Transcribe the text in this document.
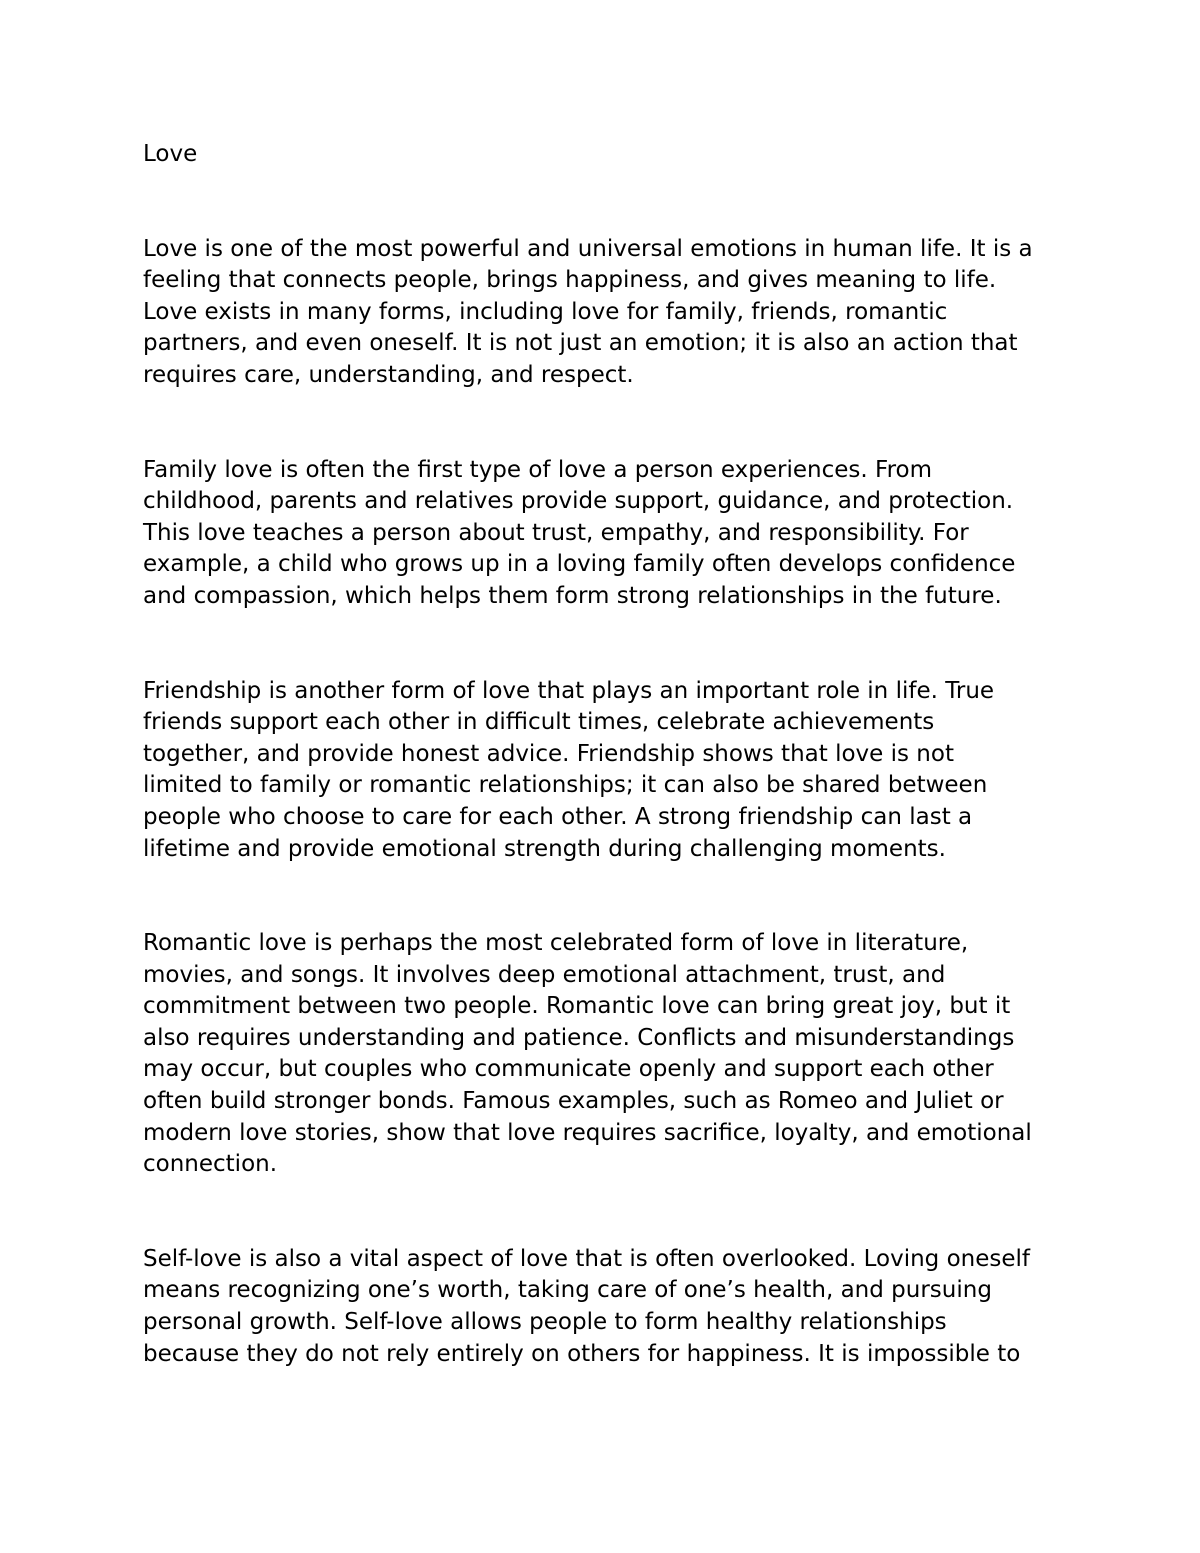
Love
Love is one of the most powerful and universal emotions in human life. It is a
feeling that connects people, brings happiness, and gives meaning to life.
Love exists in many forms, including love for family, friends, romantic
partners, and even oneself. It is not just an emotion; it is also an action that
requires care, understanding, and respect.
Family love is often the first type of love a person experiences. From
childhood, parents and relatives provide support, guidance, and protection.
This love teaches a person about trust, empathy, and responsibility. For
example, a child who grows up in a loving family often develops confidence
and compassion, which helps them form strong relationships in the future.
Friendship is another form of love that plays an important role in life. True
friends support each other in difficult times, celebrate achievements
together, and provide honest advice. Friendship shows that love is not
limited to family or romantic relationships; it can also be shared between
people who choose to care for each other. A strong friendship can last a
lifetime and provide emotional strength during challenging moments.
Romantic love is perhaps the most celebrated form of love in literature,
movies, and songs. It involves deep emotional attachment, trust, and
commitment between two people. Romantic love can bring great joy, but it
also requires understanding and patience. Conflicts and misunderstandings
may occur, but couples who communicate openly and support each other
often build stronger bonds. Famous examples, such as Romeo and Juliet or
modern love stories, show that love requires sacrifice, loyalty, and emotional
connection.
Self-love is also a vital aspect of love that is often overlooked. Loving oneself
means recognizing one’s worth, taking care of one’s health, and pursuing
personal growth. Self-love allows people to form healthy relationships
because they do not rely entirely on others for happiness. It is impossible to
